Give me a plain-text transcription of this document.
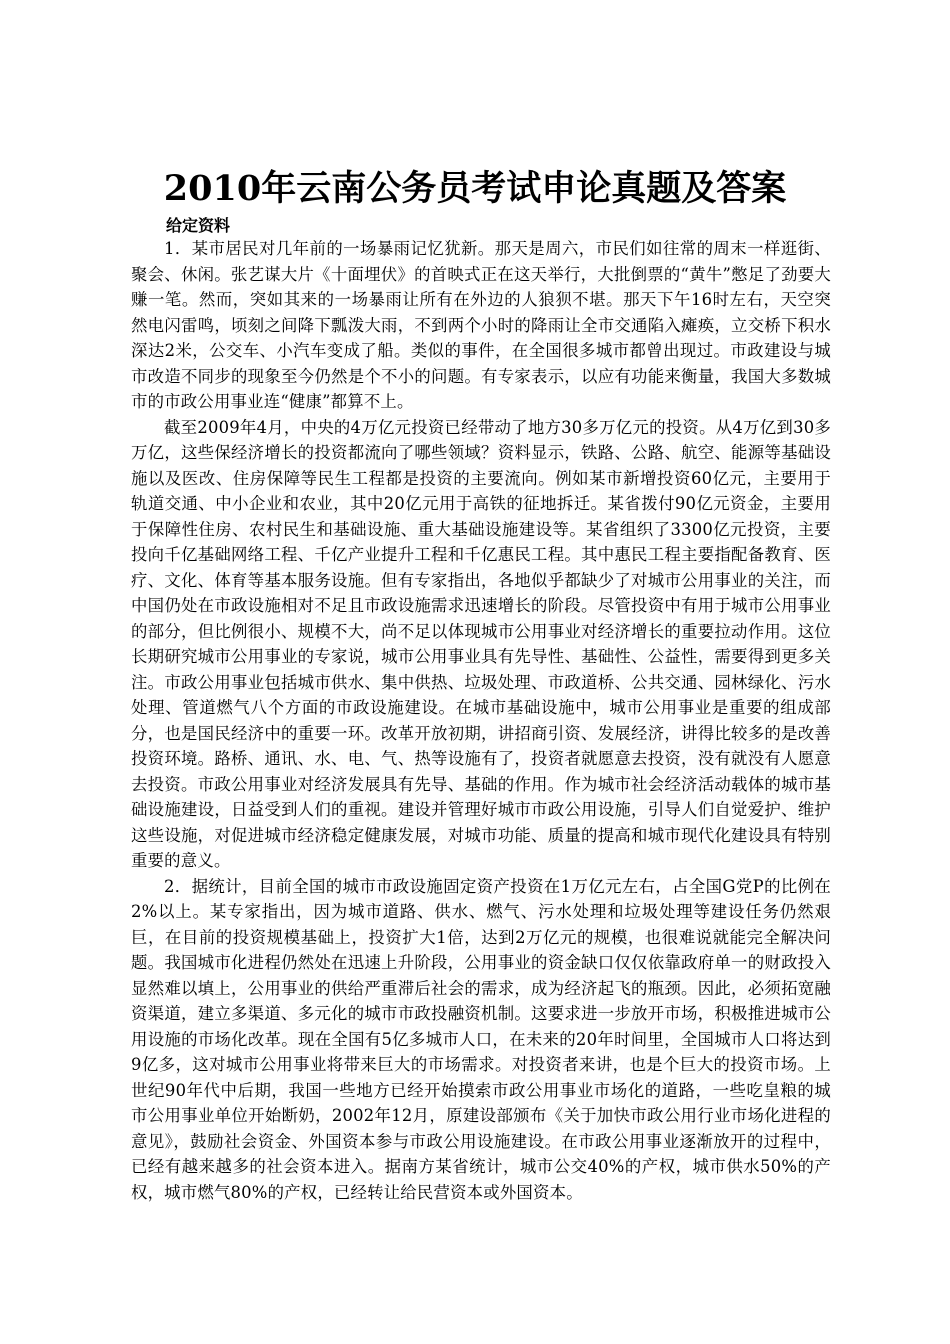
2010年云南公务员考试申论真题及答案
给定资料

1．某市居民对几年前的一场暴雨记忆犹新。那天是周六，市民们如往常的周末一样逛街、聚会、休闲。张艺谋大片《十面埋伏》的首映式正在这天举行，大批倒票的“黄牛”憋足了劲要大赚一笔。然而，突如其来的一场暴雨让所有在外边的人狼狈不堪。那天下午16时左右，天空突然电闪雷鸣，顷刻之间降下瓢泼大雨，不到两个小时的降雨让全市交通陷入瘫痪，立交桥下积水深达2米，公交车、小汽车变成了船。类似的事件，在全国很多城市都曾出现过。市政建设与城市改造不同步的现象至今仍然是个不小的问题。有专家表示，以应有功能来衡量，我国大多数城市的市政公用事业连“健康”都算不上。

截至2009年4月，中央的4万亿元投资已经带动了地方30多万亿元的投资。从4万亿到30多万亿，这些保经济增长的投资都流向了哪些领域？资料显示，铁路、公路、航空、能源等基础设施以及医改、住房保障等民生工程都是投资的主要流向。例如某市新增投资60亿元，主要用于轨道交通、中小企业和农业，其中20亿元用于高铁的征地拆迁。某省拨付90亿元资金，主要用于保障性住房、农村民生和基础设施、重大基础设施建设等。某省组织了3300亿元投资，主要投向千亿基础网络工程、千亿产业提升工程和千亿惠民工程。其中惠民工程主要指配备教育、医疗、文化、体育等基本服务设施。但有专家指出，各地似乎都缺少了对城市公用事业的关注，而中国仍处在市政设施相对不足且市政设施需求迅速增长的阶段。尽管投资中有用于城市公用事业的部分，但比例很小、规模不大，尚不足以体现城市公用事业对经济增长的重要拉动作用。这位长期研究城市公用事业的专家说，城市公用事业具有先导性、基础性、公益性，需要得到更多关注。市政公用事业包括城市供水、集中供热、垃圾处理、市政道桥、公共交通、园林绿化、污水处理、管道燃气八个方面的市政设施建设。在城市基础设施中，城市公用事业是重要的组成部分，也是国民经济中的重要一环。改革开放初期，讲招商引资、发展经济，讲得比较多的是改善投资环境。路桥、通讯、水、电、气、热等设施有了，投资者就愿意去投资，没有就没有人愿意去投资。市政公用事业对经济发展具有先导、基础的作用。作为城市社会经济活动载体的城市基础设施建设，日益受到人们的重视。建设并管理好城市市政公用设施，引导人们自觉爱护、维护这些设施，对促进城市经济稳定健康发展，对城市功能、质量的提高和城市现代化建设具有特别重要的意义。

2．据统计，目前全国的城市市政设施固定资产投资在1万亿元左右，占全国G党P的比例在2%以上。某专家指出，因为城市道路、供水、燃气、污水处理和垃圾处理等建设任务仍然艰巨，在目前的投资规模基础上，投资扩大1倍，达到2万亿元的规模，也很难说就能完全解决问题。我国城市化进程仍然处在迅速上升阶段，公用事业的资金缺口仅仅依靠政府单一的财政投入显然难以填上，公用事业的供给严重滞后社会的需求，成为经济起飞的瓶颈。因此，必须拓宽融资渠道，建立多渠道、多元化的城市市政投融资机制。这要求进一步放开市场，积极推进城市公用设施的市场化改革。现在全国有5亿多城市人口，在未来的20年时间里，全国城市人口将达到9亿多，这对城市公用事业将带来巨大的市场需求。对投资者来讲，也是个巨大的投资市场。上世纪90年代中后期，我国一些地方已经开始摸索市政公用事业市场化的道路，一些吃皇粮的城市公用事业单位开始断奶，2002年12月，原建设部颁布《关于加快市政公用行业市场化进程的意见》，鼓励社会资金、外国资本参与市政公用设施建设。在市政公用事业逐渐放开的过程中，已经有越来越多的社会资本进入。据南方某省统计，城市公交40%的产权，城市供水50%的产权，城市燃气80%的产权，已经转让给民营资本或外国资本。
